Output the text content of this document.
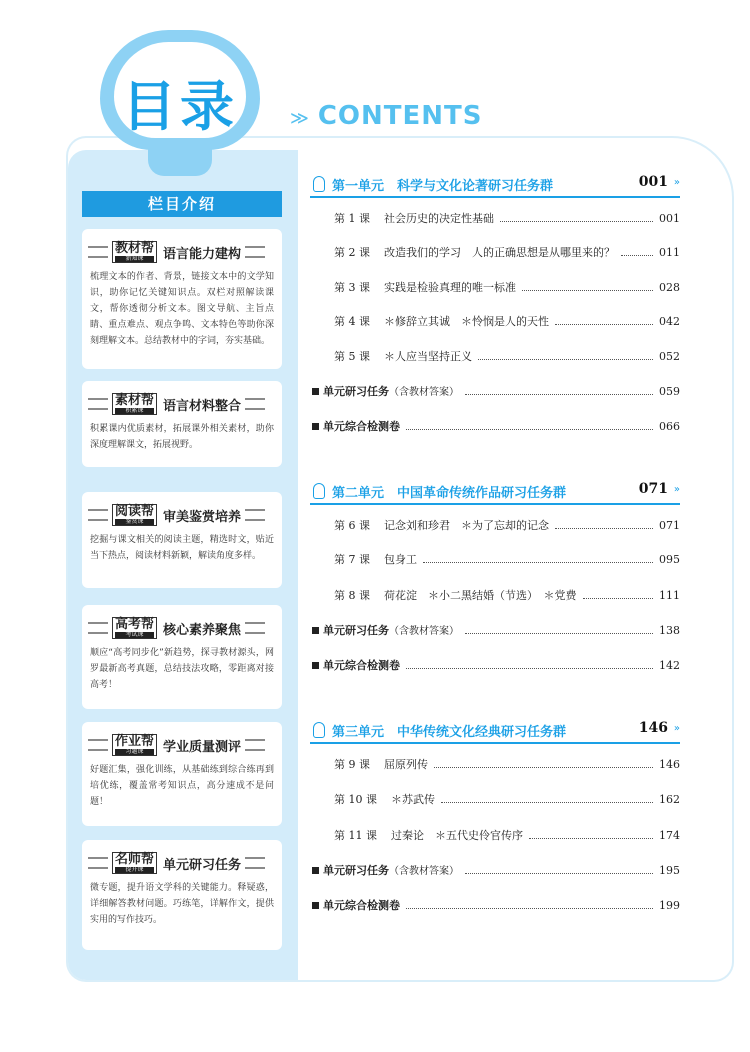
目录	≫ CONTENTS
栏目介绍
教材帮
新知课	语言能力建构
梳理文本的作者、背景，链接文本中的文学知识，助你记忆关键知识点。双栏对照解读课文，帮你透彻分析文本。图文导航、主旨点睛、重点难点、观点争鸣、文本特色等助你深刻理解文本。总结教材中的字词，夯实基础。
素材帮
积累课	语言材料整合
积累课内优质素材，拓展课外相关素材，助你深度理解课文，拓展视野。
阅读帮
鉴赏课	审美鉴赏培养
挖掘与课文相关的阅读主题，精选时文，贴近当下热点，阅读材料新颖，解读角度多样。
高考帮
考试课	核心素养聚焦
顺应“高考同步化”新趋势，探寻教材源头，网罗最新高考真题，总结技法攻略，零距离对接高考！
作业帮
习题课	学业质量测评
好题汇集，强化训练，从基础练到综合练再到培优练，覆盖常考知识点，高分速成不是问题！
名师帮
提升课	单元研习任务
微专题，提升语文学科的关键能力。释疑惑，详细解答教材问题。巧练笔，详解作文，提供实用的写作技巧。
第一单元　科学与文化论著研习任务群	001 »
第 1 课 社会历史的决定性基础	001
第 2 课 改造我们的学习　人的正确思想是从哪里来的？	011
第 3 课 实践是检验真理的唯一标准	028
第 4 课 ＊修辞立其诚　＊怜悯是人的天性	042
第 5 课 ＊人应当坚持正义	052
单元研习任务（含教材答案）	059
单元综合检测卷	066
第二单元　中国革命传统作品研习任务群	071 »
第 6 课 记念刘和珍君　＊为了忘却的记念	071
第 7 课 包身工	095
第 8 课 荷花淀　＊小二黑结婚（节选）　＊党费	111
单元研习任务（含教材答案）	138
单元综合检测卷	142
第三单元　中华传统文化经典研习任务群	146 »
第 9 课 屈原列传	146
第 10 课 ＊苏武传	162
第 11 课 过秦论　＊五代史伶官传序	174
单元研习任务（含教材答案）	195
单元综合检测卷	199
